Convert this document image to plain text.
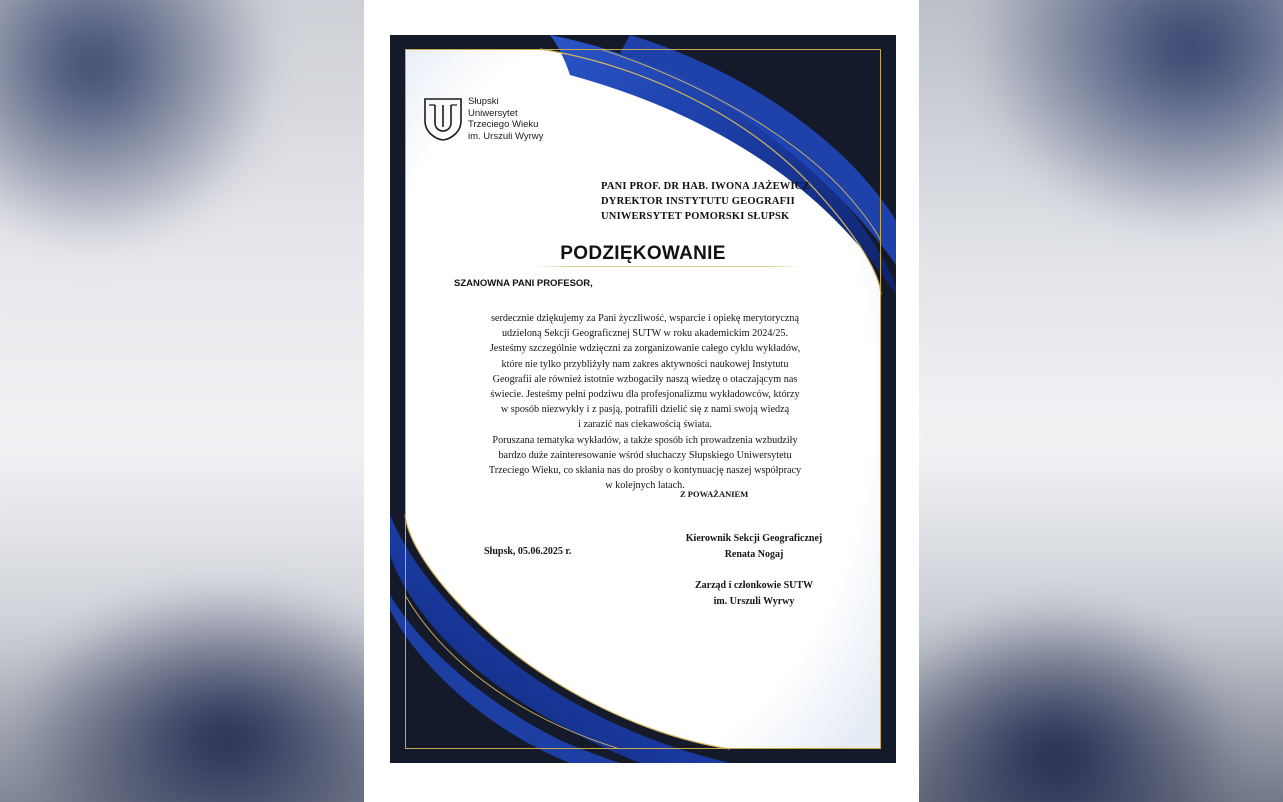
Słupski
Uniwersytet
Trzeciego Wieku
im. Urszuli Wyrwy
PANI PROF. DR HAB. IWONA JAŻEWICZ
DYREKTOR INSTYTUTU GEOGRAFII
UNIWERSYTET POMORSKI SŁUPSK
PODZIĘKOWANIE
SZANOWNA PANI PROFESOR,
serdecznie dziękujemy za Pani życzliwość, wsparcie i opiekę merytoryczną
udzieloną Sekcji Geograficznej SUTW w roku akademickim 2024/25.
Jesteśmy szczególnie wdzięczni za zorganizowanie całego cyklu wykładów,
które nie tylko przybliżyły nam zakres aktywności naukowej Instytutu
Geografii ale również istotnie wzbogaciły naszą wiedzę o otaczającym nas
świecie. Jesteśmy pełni podziwu dla profesjonalizmu wykładowców, którzy
w sposób niezwykły i z pasją, potrafili dzielić się z nami swoją wiedzą
i zarazić nas ciekawością świata.
Poruszana tematyka wykładów, a także sposób ich prowadzenia wzbudziły
bardzo duże zainteresowanie wśród słuchaczy Słupskiego Uniwersytetu
Trzeciego Wieku, co skłania nas do prośby o kontynuację naszej współpracy
w kolejnych latach.
Z POWAŻANIEM
Słupsk, 05.06.2025 r.
Kierownik Sekcji Geograficznej
Renata Nogaj
Zarząd i członkowie SUTW
im. Urszuli Wyrwy
